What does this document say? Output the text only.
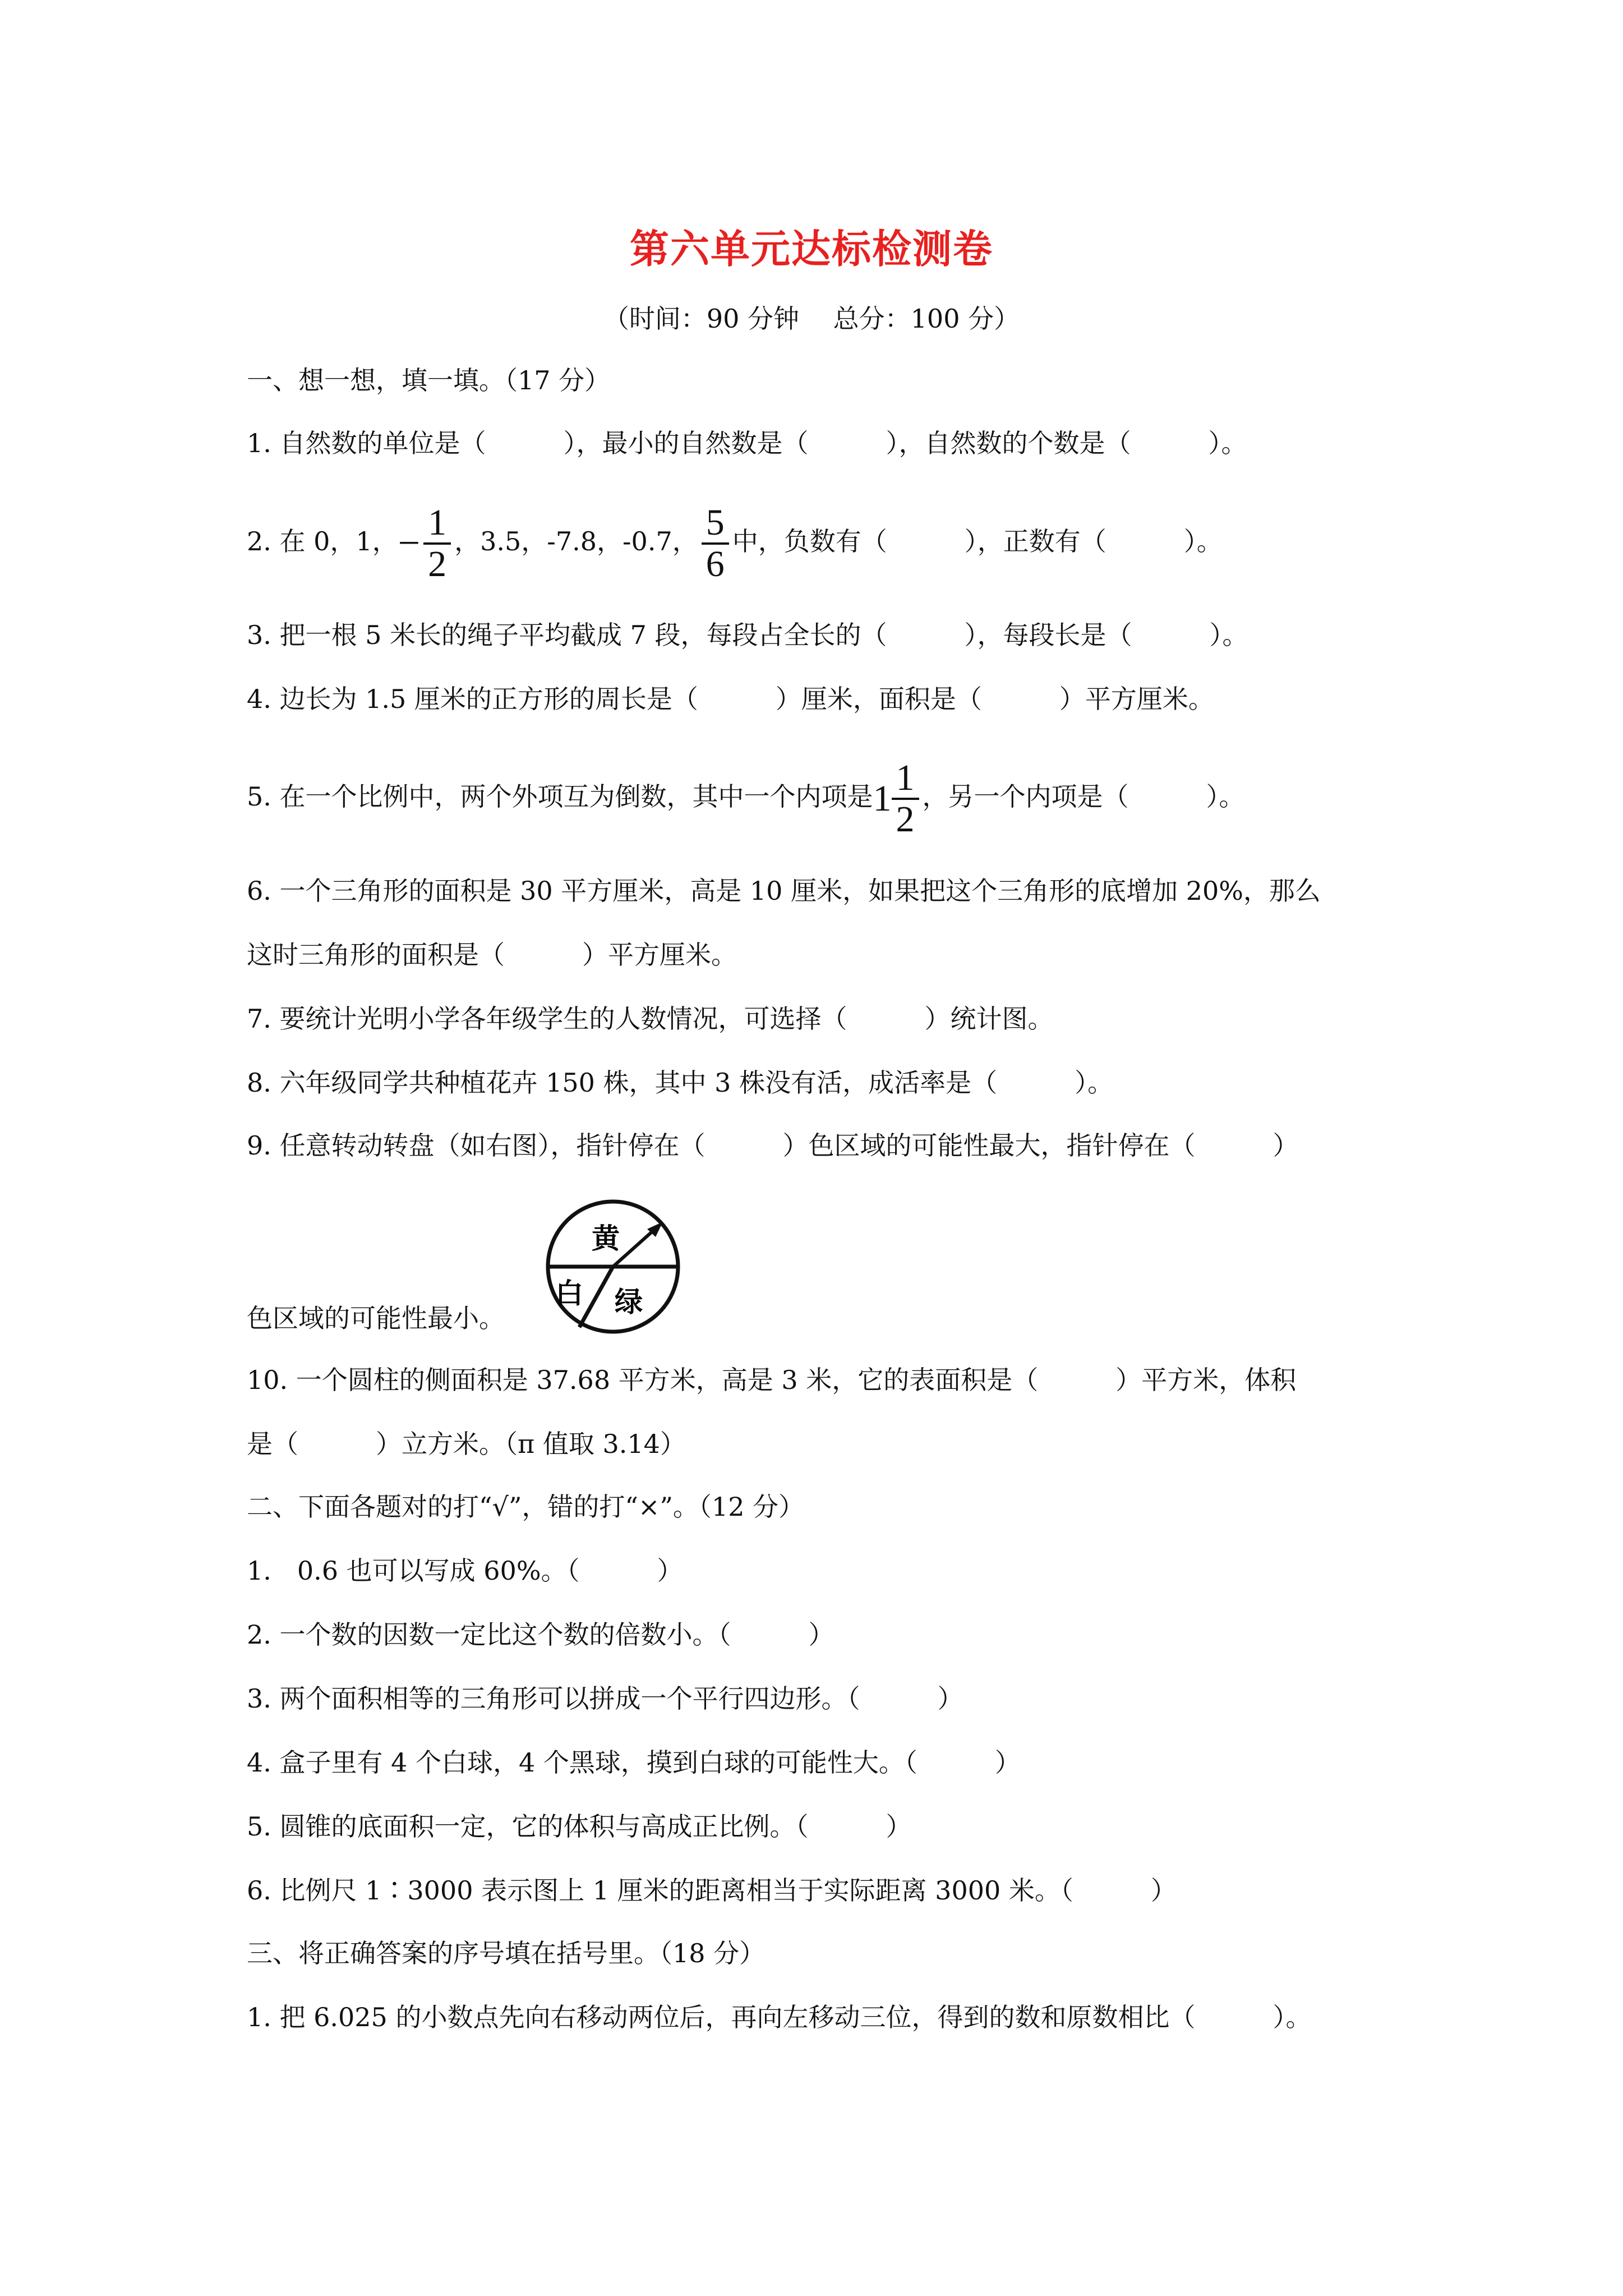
第六单元达标检测卷
（时间：90 分钟　 总分：100 分）
一、想一想，填一填。（17 分）
1. 自然数的单位是（　　　），最小的自然数是（　　　），自然数的个数是（　　　）。
2. 在 0，1，− $\frac{1}{2}$ ，3.5，-7.8，-0.7， $\frac{5}{6}$ 中，负数有（　　　），正数有（　　　）。
3. 把一根 5 米长的绳子平均截成 7 段，每段占全长的（　　　），每段长是（　　　）。
4. 边长为 1.5 厘米的正方形的周长是（　　　）厘米，面积是（　　　）平方厘米。
5. 在一个比例中，两个外项互为倒数，其中一个内项是$1 \frac{1}{2}$ ，另一个内项是（　　　）。
6. 一个三角形的面积是 30 平方厘米，高是 10 厘米，如果把这个三角形的底增加 20%，那么
这时三角形的面积是（　　　）平方厘米。
7. 要统计光明小学各年级学生的人数情况，可选择（　　　）统计图。
8. 六年级同学共种植花卉 150 株，其中 3 株没有活，成活率是（　　　）。
9. 任意转动转盘（如右图），指针停在（　　　）色区域的可能性最大，指针停在（　　　）
黄
白 绿
色区域的可能性最小。
10. 一个圆柱的侧面积是 37.68 平方米，高是 3 米，它的表面积是（　　　）平方米，体积
是（　　　）立方米。（π 值取 3.14）
二、下面各题对的打“√”，错的打“×”。（12 分）
1.　0.6 也可以写成 60%。（　　　）
2. 一个数的因数一定比这个数的倍数小。（　　　）
3. 两个面积相等的三角形可以拼成一个平行四边形。（　　　）
4. 盒子里有 4 个白球，4 个黑球，摸到白球的可能性大。（　　　）
5. 圆锥的底面积一定，它的体积与高成正比例。（　　　）
6. 比例尺 1∶3000 表示图上 1 厘米的距离相当于实际距离 3000 米。（　　　）
三、将正确答案的序号填在括号里。（18 分）
1. 把 6.025 的小数点先向右移动两位后，再向左移动三位，得到的数和原数相比（　　　）。
